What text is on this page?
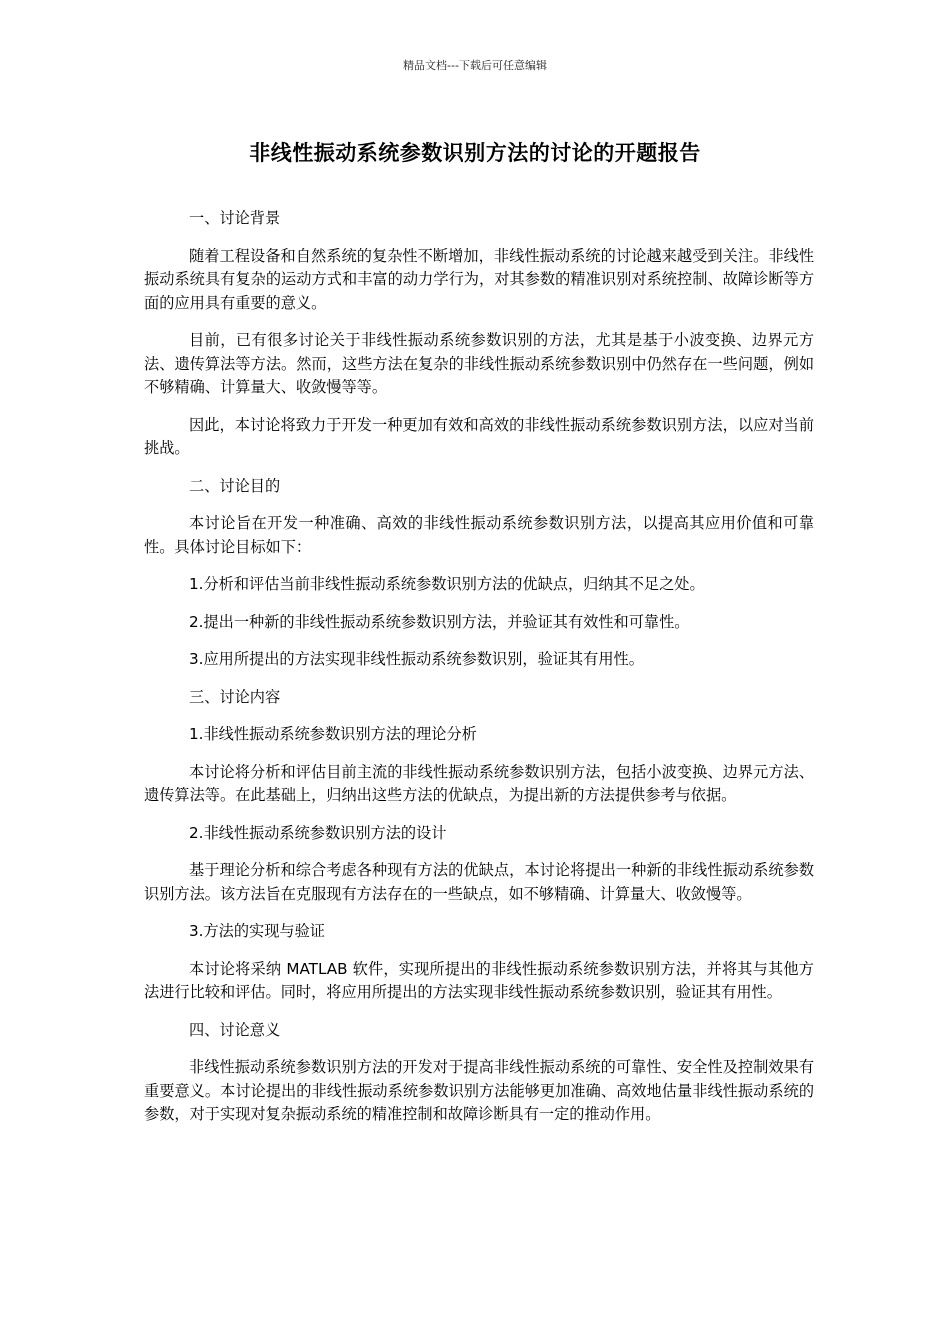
精品文档---下载后可任意编辑
非线性振动系统参数识别方法的讨论的开题报告

一、讨论背景

随着工程设备和自然系统的复杂性不断增加，非线性振动系统的讨论越来越受到关注。非线性振动系统具有复杂的运动方式和丰富的动力学行为，对其参数的精准识别对系统控制、故障诊断等方面的应用具有重要的意义。

目前，已有很多讨论关于非线性振动系统参数识别的方法，尤其是基于小波变换、边界元方法、遗传算法等方法。然而，这些方法在复杂的非线性振动系统参数识别中仍然存在一些问题，例如不够精确、计算量大、收敛慢等等。

因此，本讨论将致力于开发一种更加有效和高效的非线性振动系统参数识别方法，以应对当前挑战。

二、讨论目的

本讨论旨在开发一种准确、高效的非线性振动系统参数识别方法，以提高其应用价值和可靠性。具体讨论目标如下：

1.分析和评估当前非线性振动系统参数识别方法的优缺点，归纳其不足之处。

2.提出一种新的非线性振动系统参数识别方法，并验证其有效性和可靠性。

3.应用所提出的方法实现非线性振动系统参数识别，验证其有用性。

三、讨论内容

1.非线性振动系统参数识别方法的理论分析

本讨论将分析和评估目前主流的非线性振动系统参数识别方法，包括小波变换、边界元方法、遗传算法等。在此基础上，归纳出这些方法的优缺点，为提出新的方法提供参考与依据。

2.非线性振动系统参数识别方法的设计

基于理论分析和综合考虑各种现有方法的优缺点，本讨论将提出一种新的非线性振动系统参数识别方法。该方法旨在克服现有方法存在的一些缺点，如不够精确、计算量大、收敛慢等。

3.方法的实现与验证

本讨论将采纳 MATLAB 软件，实现所提出的非线性振动系统参数识别方法，并将其与其他方法进行比较和评估。同时，将应用所提出的方法实现非线性振动系统参数识别，验证其有用性。

四、讨论意义

非线性振动系统参数识别方法的开发对于提高非线性振动系统的可靠性、安全性及控制效果有重要意义。本讨论提出的非线性振动系统参数识别方法能够更加准确、高效地估量非线性振动系统的参数，对于实现对复杂振动系统的精准控制和故障诊断具有一定的推动作用。
